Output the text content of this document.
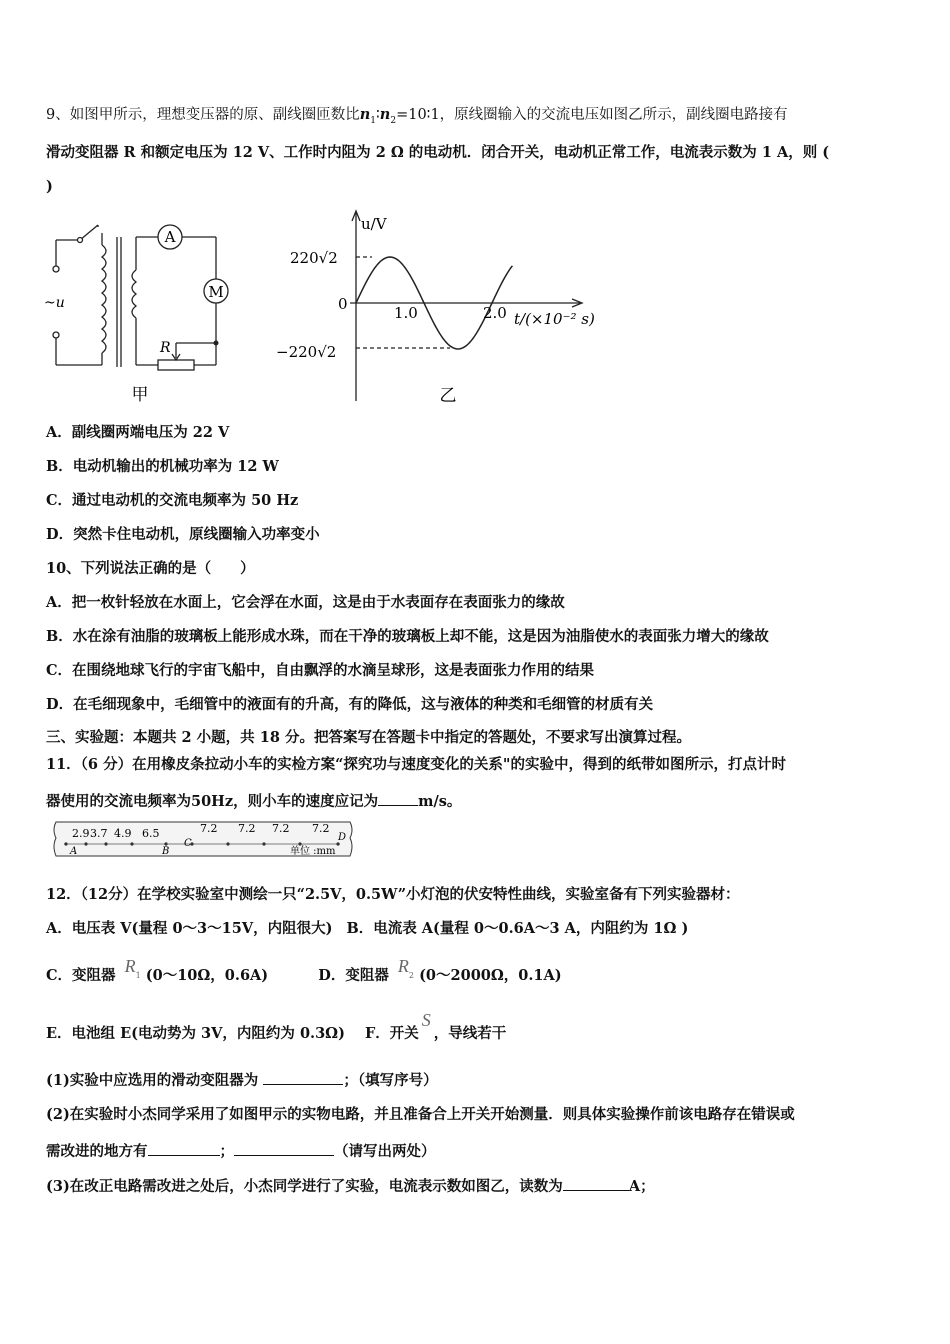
9、如图甲所示，理想变压器的原、副线圈匝数比$n_1∶n_2=10∶1$，原线圈输入的交流电压如图乙所示，副线圈电路接有
滑动变阻器 R 和额定电压为 12 V、工作时内阻为 2 Ω 的电动机．闭合开关，电动机正常工作，电流表示数为 1 A，则 (
)
A
M
~u
R
甲
u/V
220√2
0	1.0	2.0 t/(×10⁻² s)
−220√2
乙
A．副线圈两端电压为 22 V
B．电动机输出的机械功率为 12 W
C．通过电动机的交流电频率为 50 Hz
D．突然卡住电动机，原线圈输入功率变小
10、下列说法正确的是（　　）
A．把一枚针轻放在水面上，它会浮在水面，这是由于水表面存在表面张力的缘故
B．水在涂有油脂的玻璃板上能形成水珠，而在干净的玻璃板上却不能，这是因为油脂使水的表面张力增大的缘故
C．在围绕地球飞行的宇宙飞船中，自由飘浮的水滴呈球形，这是表面张力作用的结果
D．在毛细现象中，毛细管中的液面有的升高，有的降低，这与液体的种类和毛细管的材质有关
三、实验题：本题共 2 小题，共 18 分。把答案写在答题卡中指定的答题处，不要求写出演算过程。
11．（6 分）在用橡皮条拉动小车的实检方案“探究功与速度变化的关系"的实验中，得到的纸带如图所示，打点计时
器使用的交流电频率为50Hz，则小车的速度应记为	m/s。
2.9 3.7 4.9 6.5	7.2 7.2 7.2 7.2
A	B
C
D
单位 :mm
12．（12分）在学校实验室中测绘一只“2.5V，0.5W”小灯泡的伏安特性曲线，实验室备有下列实验器材：
A．电压表 V(量程 0～3～15V，内阻很大) B．电流表 A(量程 0～0.6A～3 A，内阻约为 1Ω )
C．变阻器 $R_1$ (0～10Ω，0.6A)	D．变阻器 $R_2$ (0～2000Ω，0.1A)
E．电池组 E(电动势为 3V，内阻约为 0.3Ω) F．开关S，导线若干
(1)实验中应选用的滑动变阻器为	；（填写序号）
(2)在实验时小杰同学采用了如图甲示的实物电路，并且准备合上开关开始测量．则具体实验操作前该电路存在错误或
需改进的地方有	；	（请写出两处）
(3)在改正电路需改进之处后，小杰同学进行了实验，电流表示数如图乙，读数为	A；
